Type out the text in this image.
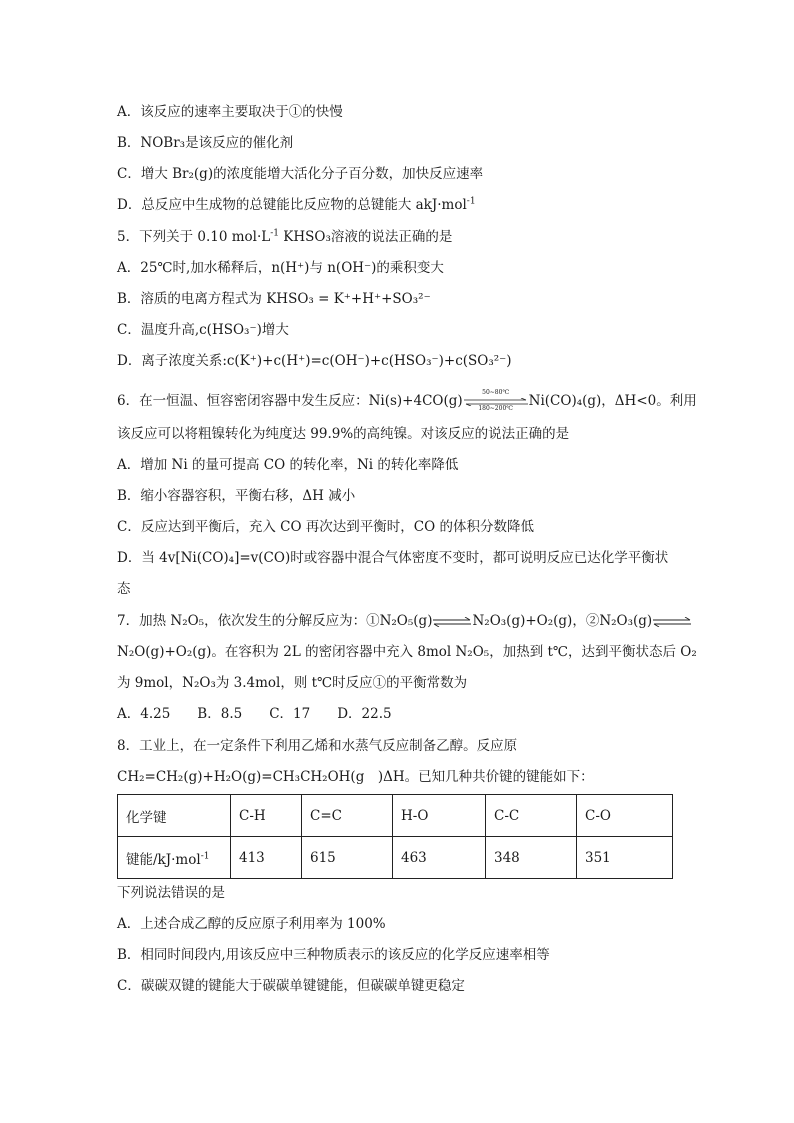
A．该反应的速率主要取决于①的快慢
B．NOBr₃是该反应的催化剂
C．增大 Br₂(g)的浓度能增大活化分子百分数，加快反应速率
D．总反应中生成物的总键能比反应物的总键能大 akJ·mol$^{-1}$
5．下列关于 0.10 $mol\cdot L^{-1}$ KHSO₃溶液的说法正确的是
A．25℃时,加水稀释后，n(H⁺)与 n(OH⁻)的乘积变大
B．溶质的电离方程式为 KHSO₃ = K⁺+H⁺+SO₃²⁻
C．温度升高,c(HSO₃⁻)增大
D．离子浓度关系:c(K⁺)+c(H⁺)=c(OH⁻)+c(HSO₃⁻)+c(SO₃²⁻)
6．在一恒温、恒容密闭容器中发生反应：Ni(s)+4CO(g)
50~80℃
180~200℃	Ni(CO)₄(g)，ΔH<0。利用
该反应可以将粗镍转化为纯度达 99.9%的高纯镍。对该反应的说法正确的是
A．增加 Ni 的量可提高 CO 的转化率，Ni 的转化率降低
B．缩小容器容积，平衡右移，ΔH 减小
C．反应达到平衡后，充入 CO 再次达到平衡时，CO 的体积分数降低
D．当 4v[Ni(CO)₄]=v(CO)时或容器中混合气体密度不变时，都可说明反应已达化学平衡状
态
7．加热 N₂O₅，依次发生的分解反应为：①N₂O₅(g)⇌N₂O₃(g)+O₂(g)，②N₂O₃(g)⇌
N₂O(g)+O₂(g)。在容积为 2L 的密闭容器中充入 8mol N₂O₅，加热到 t℃，达到平衡状态后 O₂
为 9mol，N₂O₃为 3.4mol，则 t℃时反应①的平衡常数为
A．4.25　　B．8.5　　C．17　　D．22.5
8．工业上，在一定条件下利用乙烯和水蒸气反应制备乙醇。反应原
CH₂=CH₂(g)+H₂O(g)=CH₃CH₂OH(g　)ΔH。已知几种共价键的键能如下：
化学键	C-H	C=C	H-O	C-C	C-O
键能/kJ·mol$^{-1}$	413	615	463	348	351
下列说法错误的是
A．上述合成乙醇的反应原子利用率为 100%
B．相同时间段内,用该反应中三种物质表示的该反应的化学反应速率相等
C．碳碳双键的键能大于碳碳单键键能，但碳碳单键更稳定
